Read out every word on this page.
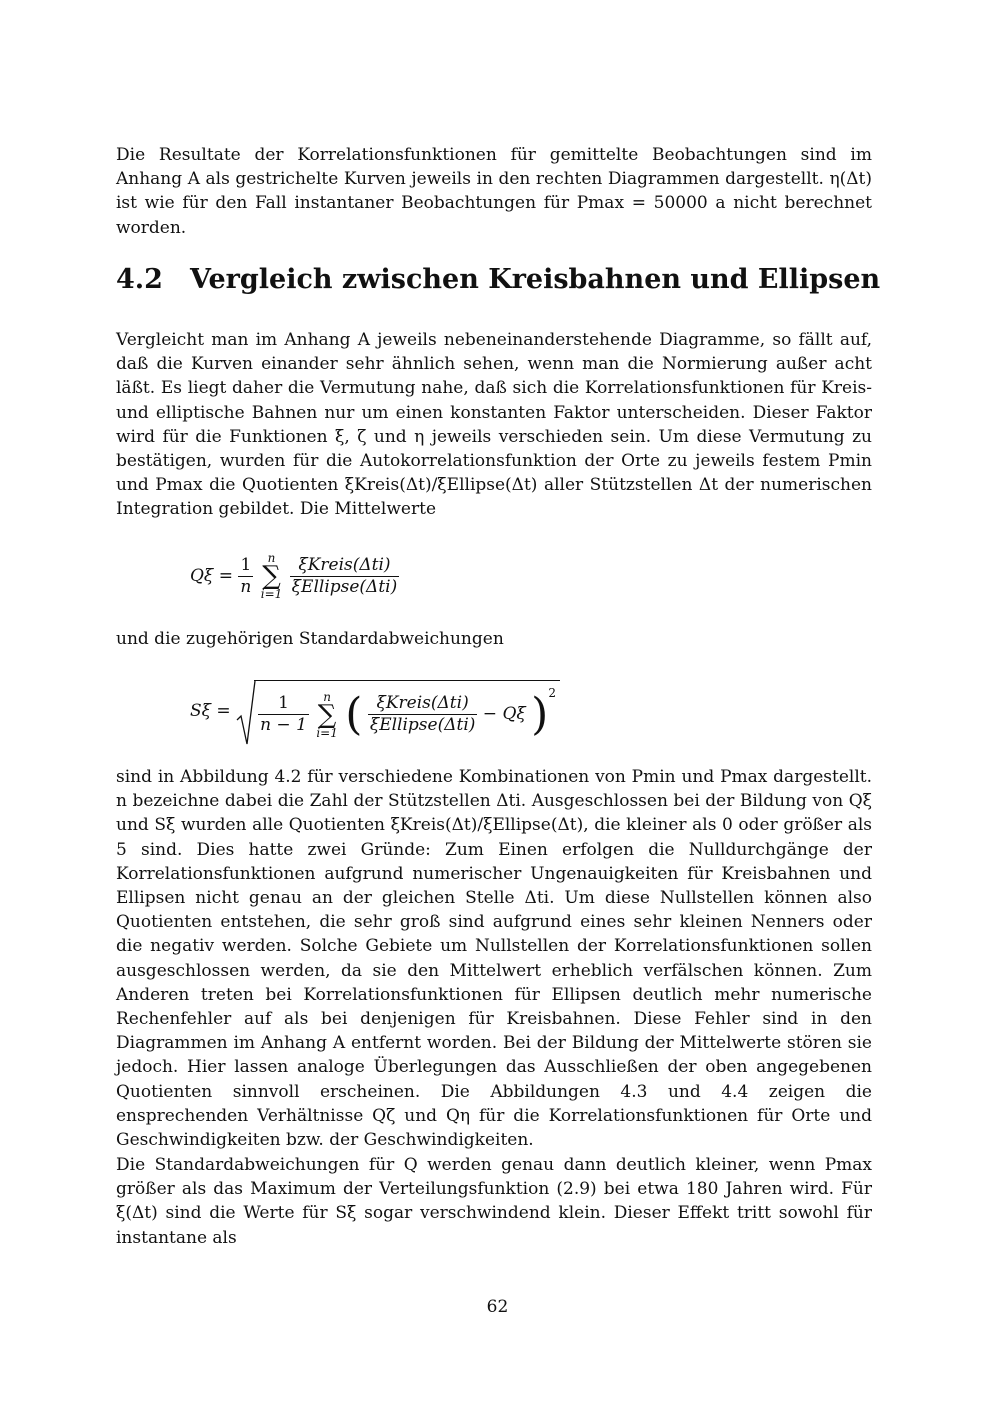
Die Resultate der Korrelationsfunktionen für gemittelte Beobachtungen sind im Anhang A als gestrichelte Kurven jeweils in den rechten Diagrammen dargestellt. η(Δt) ist wie für den Fall instantaner Beobachtungen für Pmax = 50000 a nicht berechnet worden.

4.2 Vergleich zwischen Kreisbahnen und Ellipsen

Vergleicht man im Anhang A jeweils nebeneinanderstehende Diagramme, so fällt auf, daß die Kurven einander sehr ähnlich sehen, wenn man die Normierung außer acht läßt. Es liegt daher die Vermutung nahe, daß sich die Korrelationsfunktionen für Kreis- und elliptische Bahnen nur um einen konstanten Faktor unterscheiden. Dieser Faktor wird für die Funktionen ξ, ζ und η jeweils verschieden sein. Um diese Vermutung zu bestätigen, wurden für die Autokorrelationsfunktion der Orte zu jeweils festem Pmin und Pmax die Quotienten ξKreis(Δt)/ξEllipse(Δt) aller Stützstellen Δt der numerischen Integration gebildet. Die Mittelwerte

$Q\xi = \frac{1}{n}$ n
∑
$i=1 \frac{\text{ξKreis(Δti)}}{\text{ξEllipse(Δti)}}$

und die zugehörigen Standardabweichungen

$S\xi = \frac{1}{n - 1}$ n
∑
i=1 ( $\frac{\text{ξKreis(Δti)}}{\text{ξEllipse(Δti)}} - Q\xi$ )$^2$

sind in Abbildung 4.2 für verschiedene Kombinationen von Pmin und Pmax dargestellt. n bezeichne dabei die Zahl der Stützstellen Δti. Ausgeschlossen bei der Bildung von Qξ und Sξ wurden alle Quotienten ξKreis(Δt)/ξEllipse(Δt), die kleiner als 0 oder größer als 5 sind. Dies hatte zwei Gründe: Zum Einen erfolgen die Nulldurchgänge der Korrelationsfunktionen aufgrund numerischer Ungenauigkeiten für Kreisbahnen und Ellipsen nicht genau an der gleichen Stelle Δti. Um diese Nullstellen können also Quotienten entstehen, die sehr groß sind aufgrund eines sehr kleinen Nenners oder die negativ werden. Solche Gebiete um Nullstellen der Korrelationsfunktionen sollen ausgeschlossen werden, da sie den Mittelwert erheblich verfälschen können. Zum Anderen treten bei Korrelationsfunktionen für Ellipsen deutlich mehr numerische Rechenfehler auf als bei denjenigen für Kreisbahnen. Diese Fehler sind in den Diagrammen im Anhang A entfernt worden. Bei der Bildung der Mittelwerte stören sie jedoch. Hier lassen analoge Überlegungen das Ausschließen der oben angegebenen Quotienten sinnvoll erscheinen. Die Abbildungen 4.3 und 4.4 zeigen die ensprechenden Verhältnisse Qζ und Qη für die Korrelationsfunktionen für Orte und Geschwindigkeiten bzw. der Geschwindigkeiten.

Die Standardabweichungen für Q werden genau dann deutlich kleiner, wenn Pmax größer als das Maximum der Verteilungsfunktion (2.9) bei etwa 180 Jahren wird. Für ξ(Δt) sind die Werte für Sξ sogar verschwindend klein. Dieser Effekt tritt sowohl für instantane als

62
